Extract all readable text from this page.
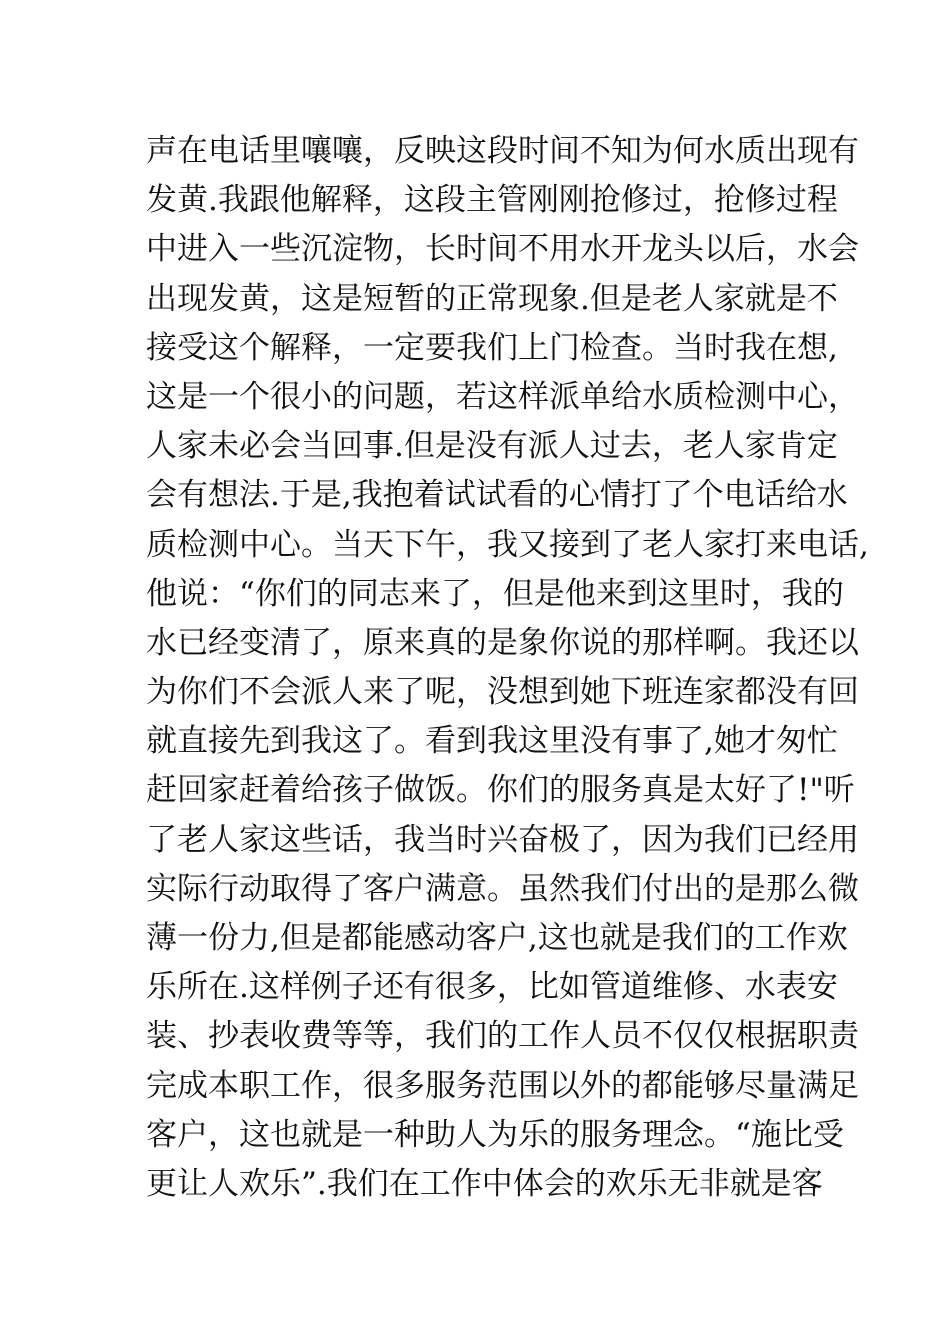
声在电话里嚷嚷，反映这段时间不知为何水质出现有
发黄.我跟他解释，这段主管刚刚抢修过，抢修过程
中进入一些沉淀物，长时间不用水开龙头以后，水会
出现发黄，这是短暂的正常现象.但是老人家就是不
接受这个解释，一定要我们上门检查。当时我在想,
这是一个很小的问题，若这样派单给水质检测中心，
人家未必会当回事.但是没有派人过去，老人家肯定
会有想法.于是,我抱着试试看的心情打了个电话给水
质检测中心。当天下午，我又接到了老人家打来电话,
他说：“你们的同志来了，但是他来到这里时，我的
水已经变清了，原来真的是象你说的那样啊。我还以
为你们不会派人来了呢，没想到她下班连家都没有回
就直接先到我这了。看到我这里没有事了,她才匆忙
赶回家赶着给孩子做饭。你们的服务真是太好了!"听
了老人家这些话，我当时兴奋极了，因为我们已经用
实际行动取得了客户满意。虽然我们付出的是那么微
薄一份力,但是都能感动客户,这也就是我们的工作欢
乐所在.这样例子还有很多，比如管道维修、水表安
装、抄表收费等等，我们的工作人员不仅仅根据职责
完成本职工作，很多服务范围以外的都能够尽量满足
客户，这也就是一种助人为乐的服务理念。“施比受
更让人欢乐”.我们在工作中体会的欢乐无非就是客
